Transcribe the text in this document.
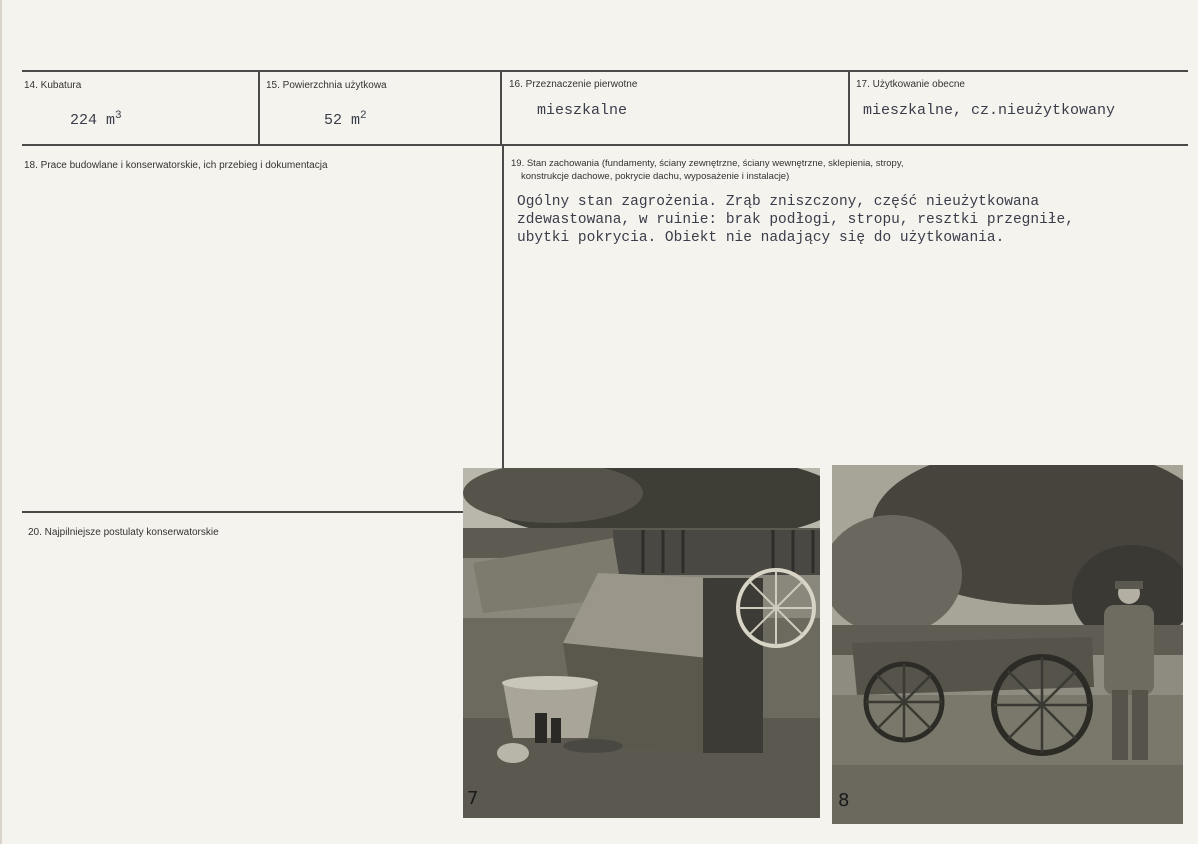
14. Kubatura
224 $m^3$
15. Powierzchnia użytkowa
52 $m^2$
16. Przeznaczenie pierwotne
mieszkalne
17. Użytkowanie obecne
mieszkalne, cz.nieużytkowany
18. Prace budowlane i konserwatorskie, ich przebieg i dokumentacja	19. Stan zachowania (fundamenty, ściany zewnętrzne, ściany wewnętrzne, sklepienia, stropy,
konstrukcje dachowe, pokrycie dachu, wyposażenie i instalacje)
Ogólny stan zagrożenia. Zrąb zniszczony, część nieużytkowana
zdewastowana, w ruinie: brak podłogi, stropu, resztki przegniłe,
ubytki pokrycia. Obiekt nie nadający się do użytkowania.
20. Najpilniejsze postulaty konserwatorskie
7	8
